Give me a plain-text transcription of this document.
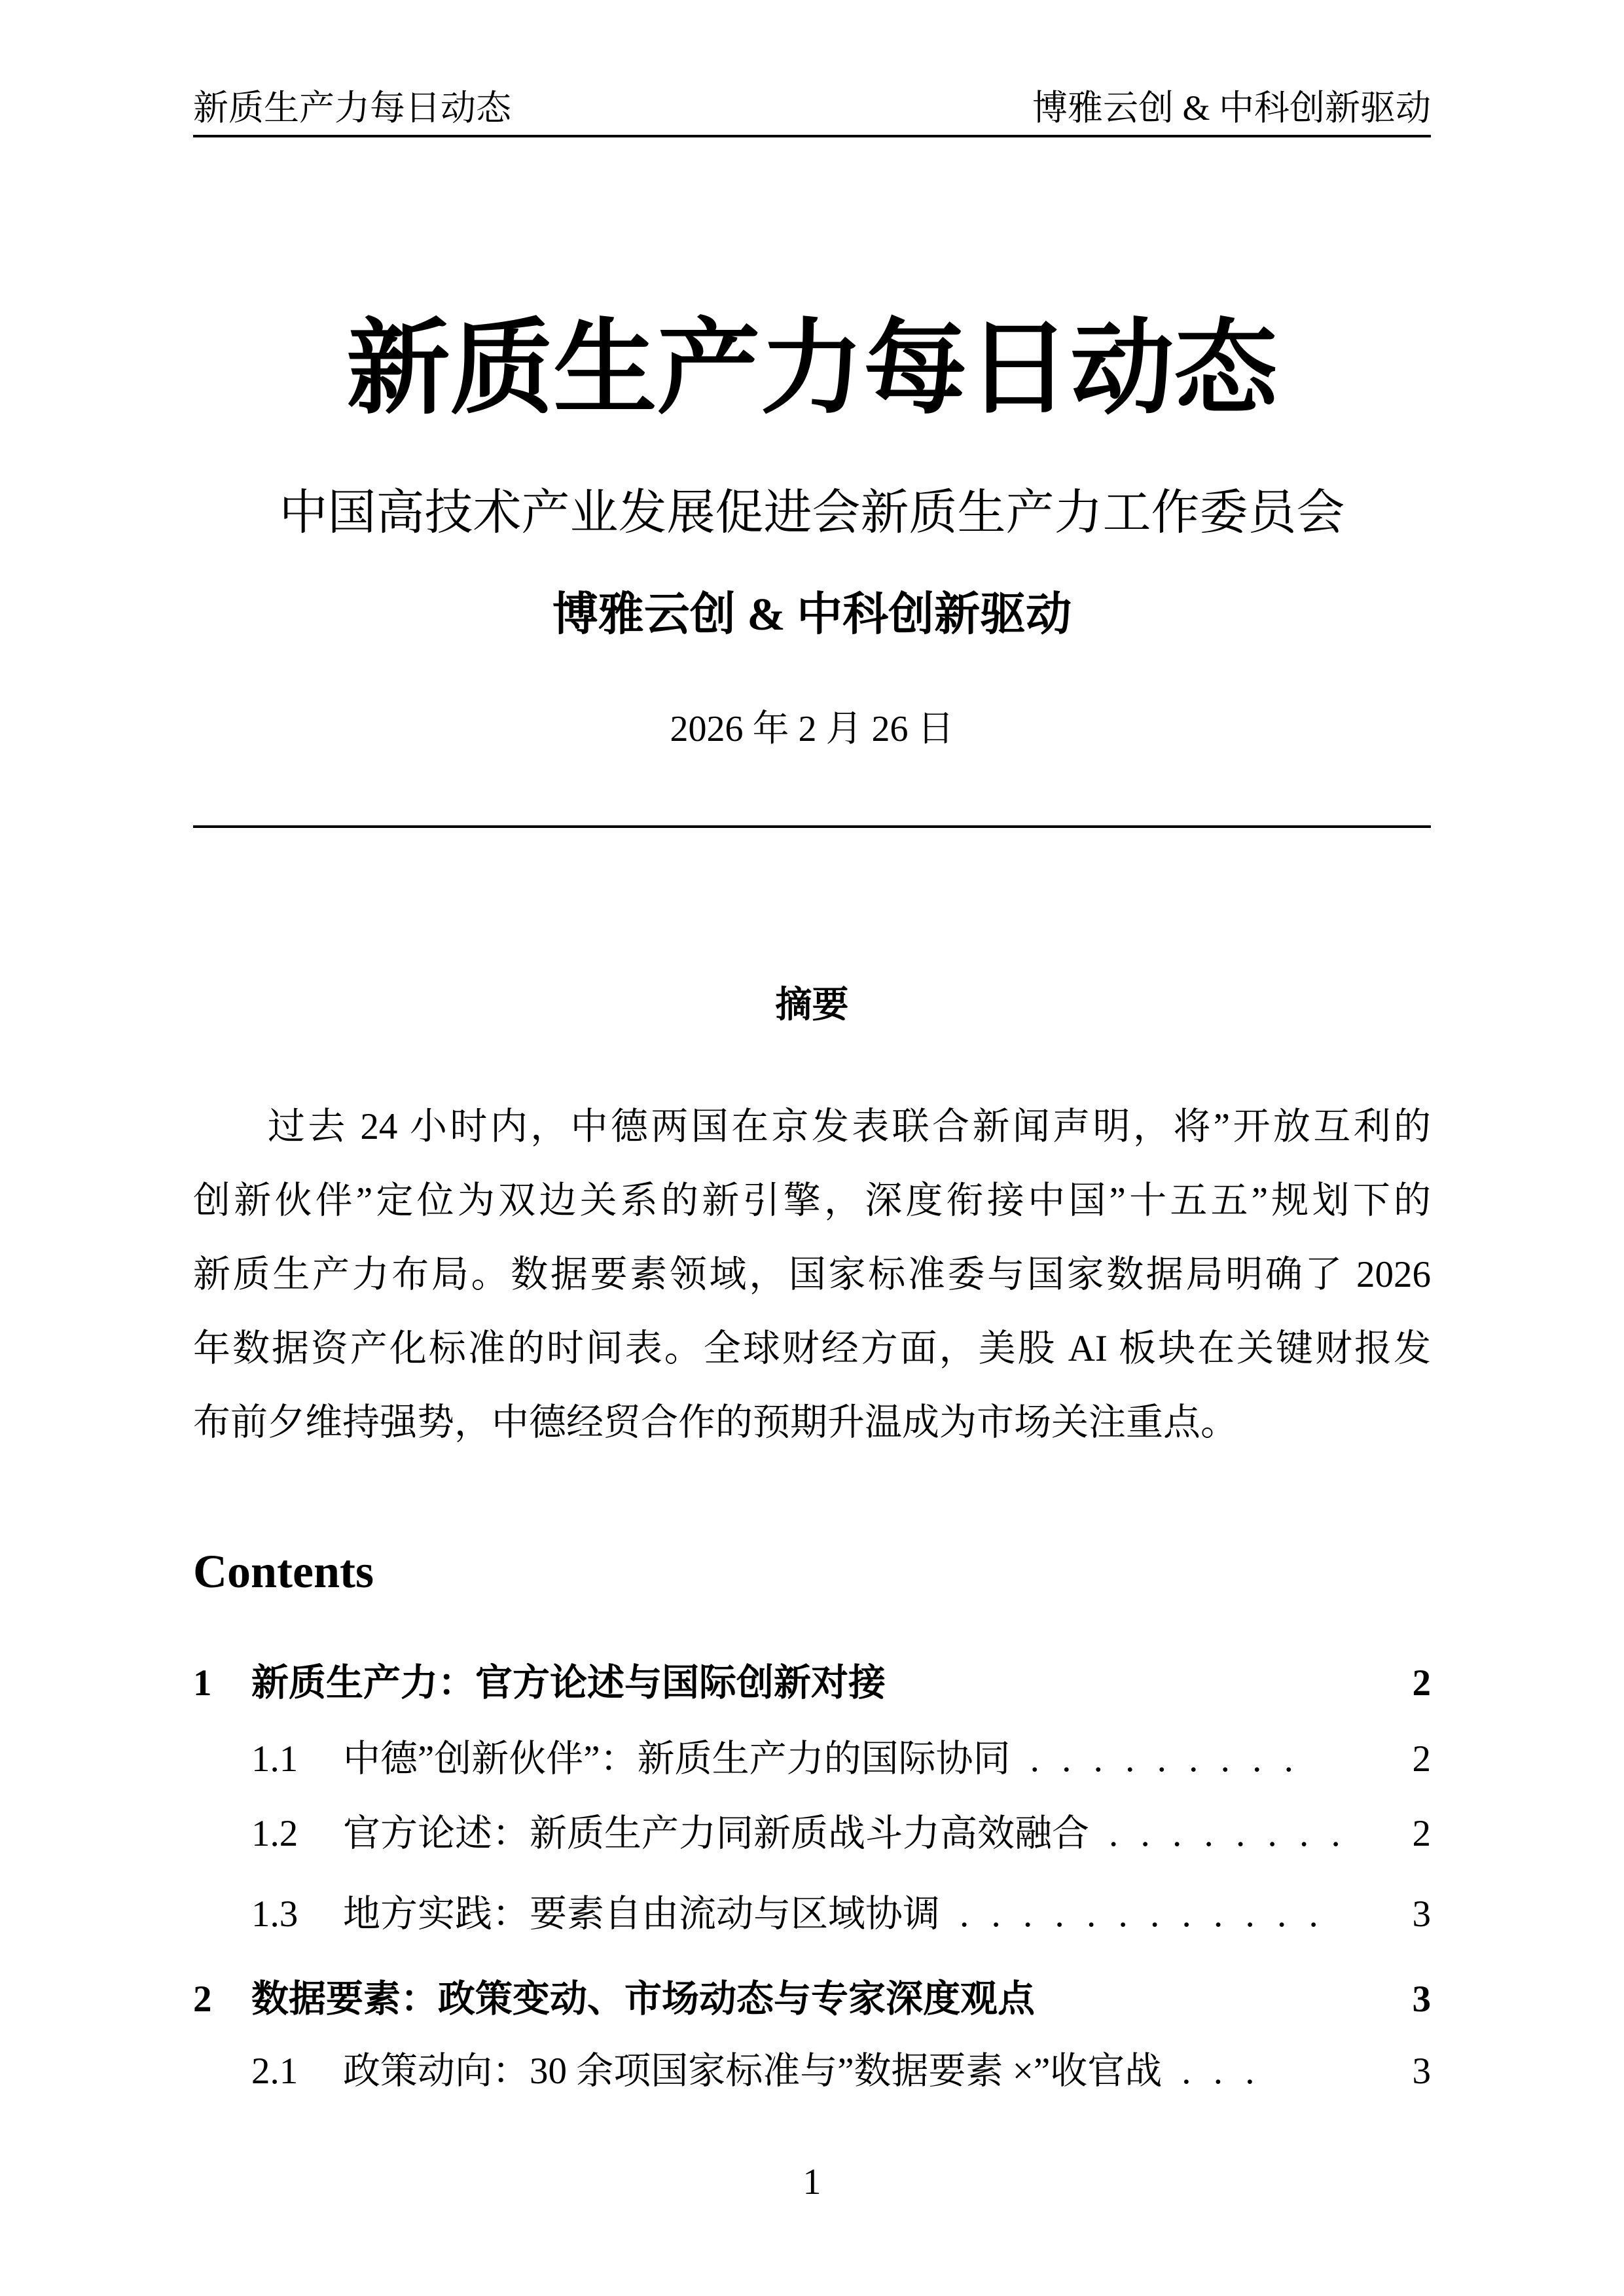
新质生产力每日动态	博雅云创 & 中科创新驱动
新质生产力每日动态
中国高技术产业发展促进会新质生产力工作委员会
博雅云创 & 中科创新驱动
2026 年 2 月 26 日
摘要
过去 24 小时内，中德两国在京发表联合新闻声明，将”开放互利的
创新伙伴”定位为双边关系的新引擎，深度衔接中国”十五五”规划下的
新质生产力布局。数据要素领域，国家标准委与国家数据局明确了 2026
年数据资产化标准的时间表。全球财经方面，美股 AI 板块在关键财报发
布前夕维持强势，中德经贸合作的预期升温成为市场关注重点。
Contents
1	新质生产力：官方论述与国际创新对接	2
1.1	中德”创新伙伴”：新质生产力的国际协同 . . . . . . . . .	2
1.2	官方论述：新质生产力同新质战斗力高效融合 . . . . . . . . 2
1.3	地方实践：要素自由流动与区域协调 . . . . . . . . . . . . 3
2	数据要素：政策变动、市场动态与专家深度观点	3
2.1	政策动向：30 余项国家标准与”数据要素 ×”收官战 . . .	3
1
